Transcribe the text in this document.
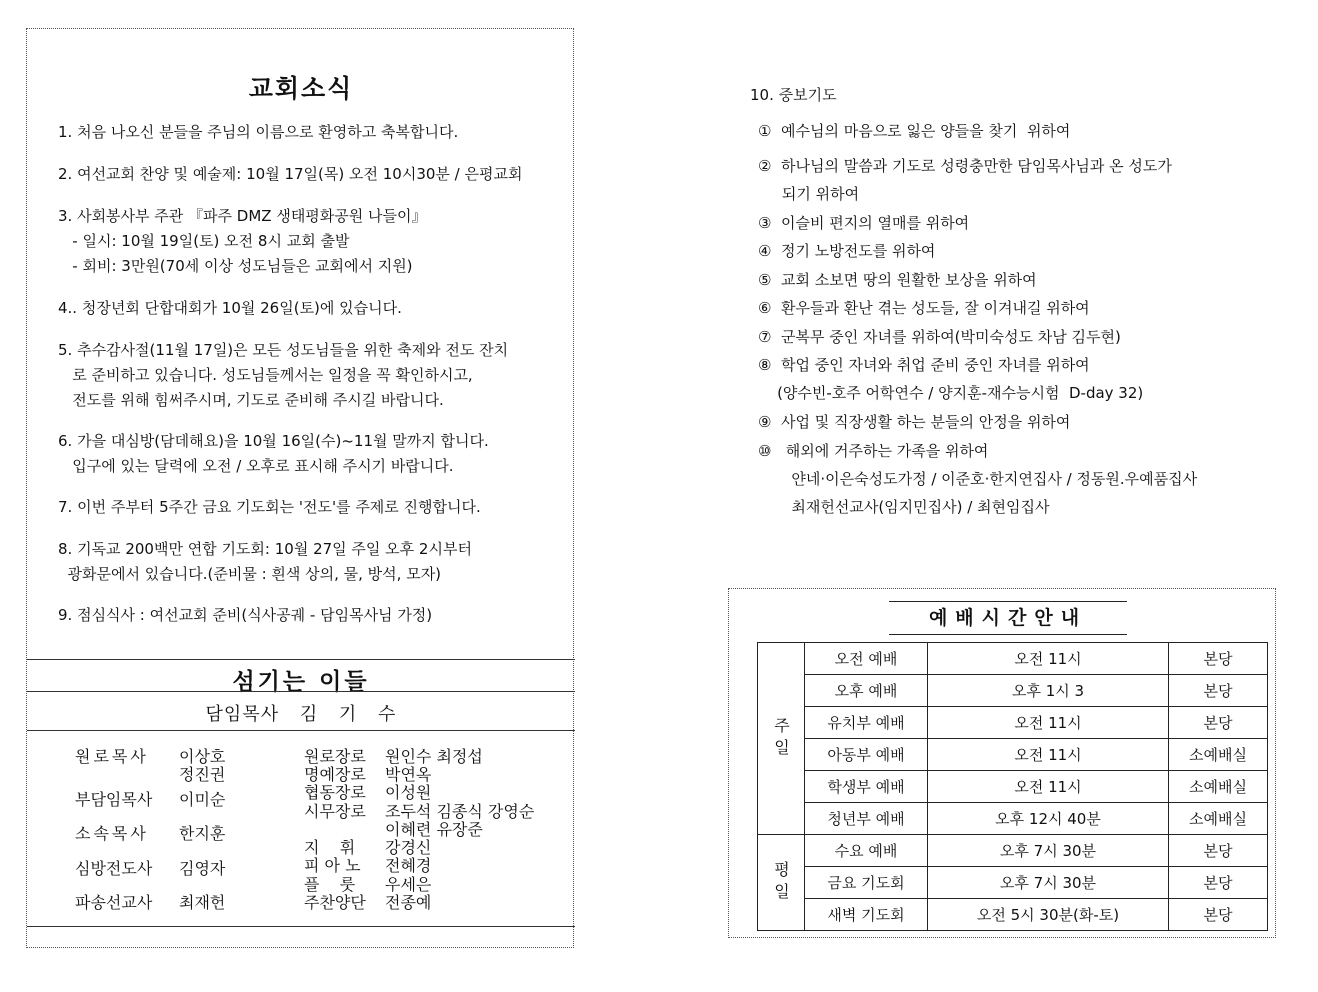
교회소식
1. 처음 나오신 분들을 주님의 이름으로 환영하고 축복합니다.
2. 여선교회 찬양 및 예술제: 10월 17일(목) 오전 10시30분 / 은평교회
3. 사회봉사부 주관 『파주 DMZ 생태평화공원 나들이』
- 일시: 10월 19일(토) 오전 8시 교회 출발
- 회비: 3만원(70세 이상 성도님들은 교회에서 지원)
4.. 청장년회 단합대회가 10월 26일(토)에 있습니다.
5. 추수감사절(11월 17일)은 모든 성도님들을 위한 축제와 전도 잔치
로 준비하고 있습니다. 성도님들께서는 일정을 꼭 확인하시고,
전도를 위해 힘써주시며, 기도로 준비해 주시길 바랍니다.
6. 가을 대심방(담데해요)을 10월 16일(수)~11월 말까지 합니다.
입구에 있는 달력에 오전 / 오후로 표시해 주시기 바랍니다.
7. 이번 주부터 5주간 금요 기도회는 '전도'를 주제로 진행합니다.
8. 기독교 200백만 연합 기도회: 10월 27일 주일 오후 2시부터
광화문에서 있습니다.(준비물 : 흰색 상의, 물, 방석, 모자)
9. 점심식사 : 여선교회 준비(식사공궤 - 담임목사님 가정)
섬기는 이들
담임목사 김 기 수
원로목사 이상호
정진권
부담임목사 이미순
소속목사 한지훈
심방전도사 김영자
파송선교사 최재헌
원로장로 원인수 최정섭
명예장로 박연옥
협동장로 이성원
시무장로 조두석 김종식 강영순
이혜련 유장준
지    휘 강경신
피 아 노 전혜경
플    룻 우세은
주찬양단 전종예
10. 중보기도
①  예수님의 마음으로 잃은 양들을 찾기  위하여
②  하나님의 말씀과 기도로 성령충만한 담임목사님과 온 성도가
되기 위하여
③  이슬비 편지의 열매를 위하여
④  정기 노방전도를 위하여
⑤  교회 소보면 땅의 원활한 보상을 위하여
⑥  환우들과 환난 겪는 성도들, 잘 이겨내길 위하여
⑦  군복무 중인 자녀를 위하여(박미숙성도 차남 김두현)
⑧  학업 중인 자녀와 취업 준비 중인 자녀를 위하여
(양수빈-호주 어학연수 / 양지훈-재수능시험  D-day 32)
⑨  사업 및 직장생활 하는 분들의 안정을 위하여
⑩   해외에 거주하는 가족을 위하여
얀네·이은숙성도가정 / 이준호·한지연집사 / 정동원.우예품집사
최재헌선교사(임지민집사) / 최현임집사
예배시간안내
주일	오전 예배	오전 11시	본당
	오후 예배	오후 1시 3	본당
	유치부 예배	오전 11시	본당
	아동부 예배	오전 11시	소예배실
	학생부 예배	오전 11시	소예배실
	청년부 예배	오후 12시 40분	소예배실
평일	수요 예배	오후 7시 30분	본당
	금요 기도회	오후 7시 30분	본당
	새벽 기도회	오전 5시 30분(화-토)	본당
